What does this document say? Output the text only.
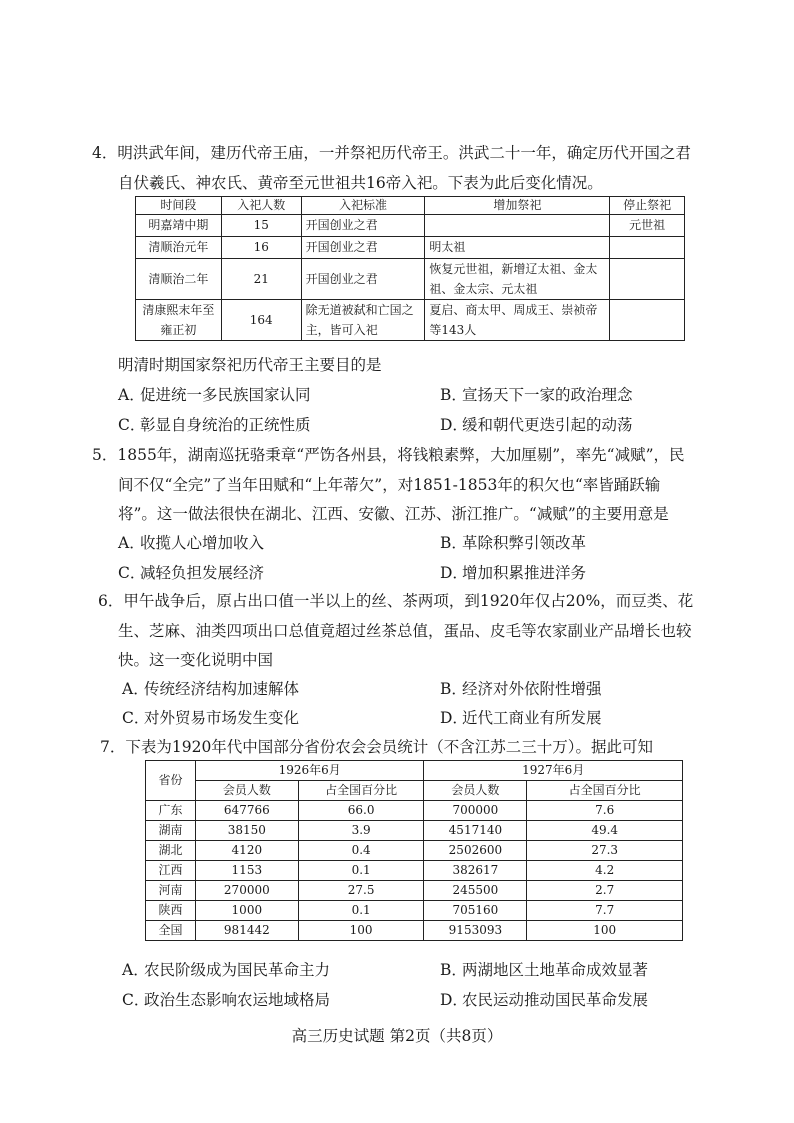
4．明洪武年间，建历代帝王庙，一并祭祀历代帝王。洪武二十一年，确定历代开国之君
自伏羲氏、神农氏、黄帝至元世祖共16帝入祀。下表为此后变化情况。
时间段	入祀人数	入祀标准	增加祭祀	停止祭祀
明嘉靖中期	15	开国创业之君		元世祖
清顺治元年	16	开国创业之君	明太祖	
清顺治二年	21	开国创业之君	恢复元世祖，新增辽太祖、金太祖、金太宗、元太祖	
清康熙末年至雍正初	164	除无道被弑和亡国之主，皆可入祀	夏启、商太甲、周成王、崇祯帝等143人	
明清时期国家祭祀历代帝王主要目的是
A．促进统一多民族国家认同	B．宣扬天下一家的政治理念
C．彰显自身统治的正统性质	D．缓和朝代更迭引起的动荡
5．1855年，湖南巡抚骆秉章“严饬各州县，将钱粮素弊，大加厘剔”，率先“减赋”，民
间不仅“全完”了当年田赋和“上年蒂欠”，对1851-1853年的积欠也“率皆踊跃输
将”。这一做法很快在湖北、江西、安徽、江苏、浙江推广。“减赋”的主要用意是
A．收揽人心增加收入	B．革除积弊引领改革
C．减轻负担发展经济	D．增加积累推进洋务
6．甲午战争后，原占出口值一半以上的丝、茶两项，到1920年仅占20%，而豆类、花
生、芝麻、油类四项出口总值竟超过丝茶总值，蛋品、皮毛等农家副业产品增长也较
快。这一变化说明中国
A．传统经济结构加速解体	B．经济对外依附性增强
C．对外贸易市场发生变化	D．近代工商业有所发展
7．下表为1920年代中国部分省份农会会员统计（不含江苏二三十万）。据此可知
省份	1926年6月		1927年6月	
	会员人数	占全国百分比	会员人数	占全国百分比
广东	647766	66.0	700000	7.6
湖南	38150	3.9	4517140	49.4
湖北	4120	0.4	2502600	27.3
江西	1153	0.1	382617	4.2
河南	270000	27.5	245500	2.7
陕西	1000	0.1	705160	7.7
全国	981442	100	9153093	100
A．农民阶级成为国民革命主力	B．两湖地区土地革命成效显著
C．政治生态影响农运地域格局	D．农民运动推动国民革命发展
高三历史试题 第2页（共8页）
